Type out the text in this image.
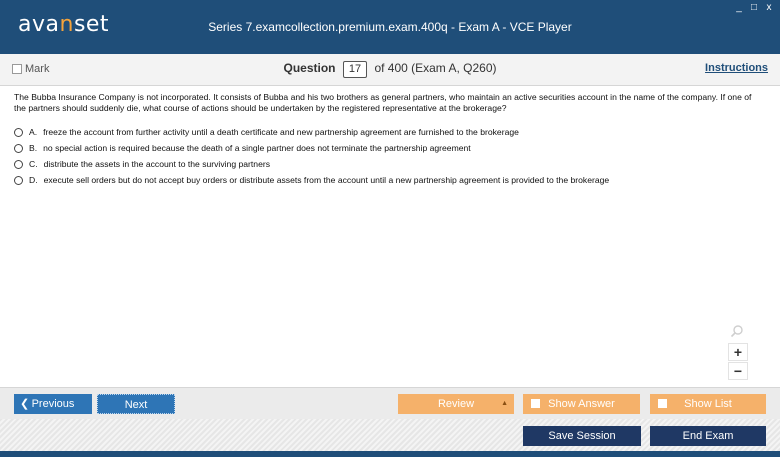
avanset	Series 7.examcollection.premium.exam.400q - Exam A - VCE Player
_ □ x
Mark	Question 17 of 400 (Exam A, Q260)	Instructions
The Bubba Insurance Company is not incorporated. It consists of Bubba and his two brothers as general partners, who maintain an active securities account in the name of the company. If one of the partners should suddenly die, what course of actions should be undertaken by the registered representative at the brokerage?
A. freeze the account from further activity until a death certificate and new partnership agreement are furnished to the brokerage
B. no special action is required because the death of a single partner does not terminate the partnership agreement
C. distribute the assets in the account to the surviving partners
D. execute sell orders but do not accept buy orders or distribute assets from the account until a new partnership agreement is provided to the brokerage
+
−
❮ Previous	Next	Review	▲	Show Answer	Show List
Save Session	End Exam
